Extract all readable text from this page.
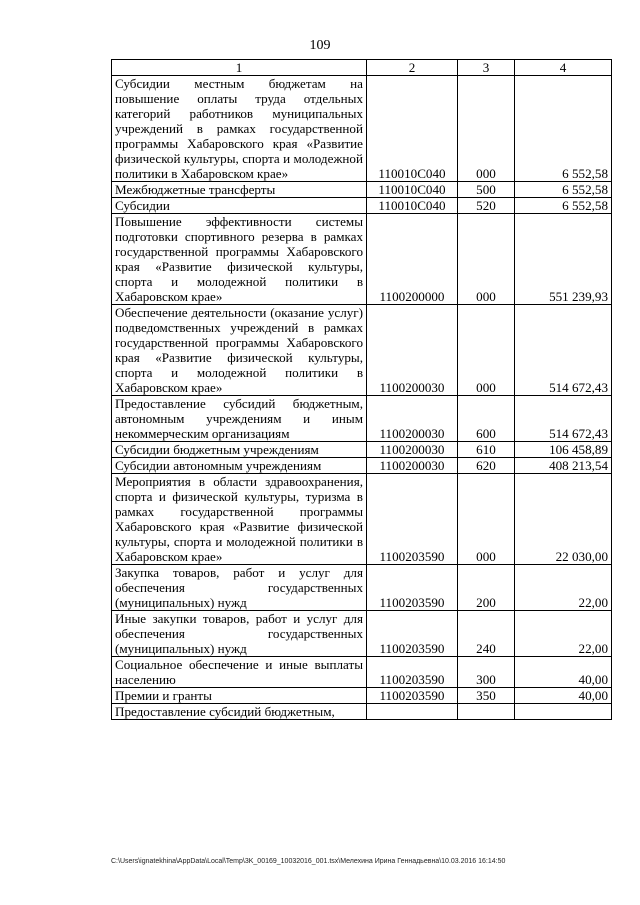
109
1	2	3	4
Субсидии местным бюджетам на повышение оплаты труда отдельных категорий работников муниципальных учреждений в рамках государственной программы Хабаровского края «Развитие физической культуры, спорта и молодежной политики в Хабаровском крае»	110010С040	000	6 552,58
Межбюджетные трансферты	110010С040	500	6 552,58
Субсидии	110010С040	520	6 552,58
Повышение эффективности системы подготовки спортивного резерва в рамках государственной программы Хабаровского края «Развитие физической культуры, спорта и молодежной политики в Хабаровском крае»	1100200000	000	551 239,93
Обеспечение деятельности (оказание услуг) подведомственных учреждений в рамках государственной программы Хабаровского края «Развитие физической культуры, спорта и молодежной политики в Хабаровском крае»	1100200030	000	514 672,43
Предоставление субсидий бюджетным, автономным учреждениям и иным некоммерческим организациям	1100200030	600	514 672,43
Субсидии бюджетным учреждениям	1100200030	610	106 458,89
Субсидии автономным учреждениям	1100200030	620	408 213,54
Мероприятия в области здравоохранения, спорта и физической культуры, туризма в рамках государственной программы Хабаровского края «Развитие физической культуры, спорта и молодежной политики в Хабаровском крае»	1100203590	000	22 030,00
Закупка товаров, работ и услуг для обеспечения государственных (муниципальных) нужд	1100203590	200	22,00
Иные закупки товаров, работ и услуг для обеспечения государственных (муниципальных) нужд	1100203590	240	22,00
Социальное обеспечение и иные выплаты населению	1100203590	300	40,00
Премии и гранты	1100203590	350	40,00
Предоставление субсидий бюджетным,			
C:\Users\ignatekhina\AppData\Local\Temp\3K_00169_10032016_001.tsx\Мелехина Ирина Геннадьевна\10.03.2016 16:14:50
